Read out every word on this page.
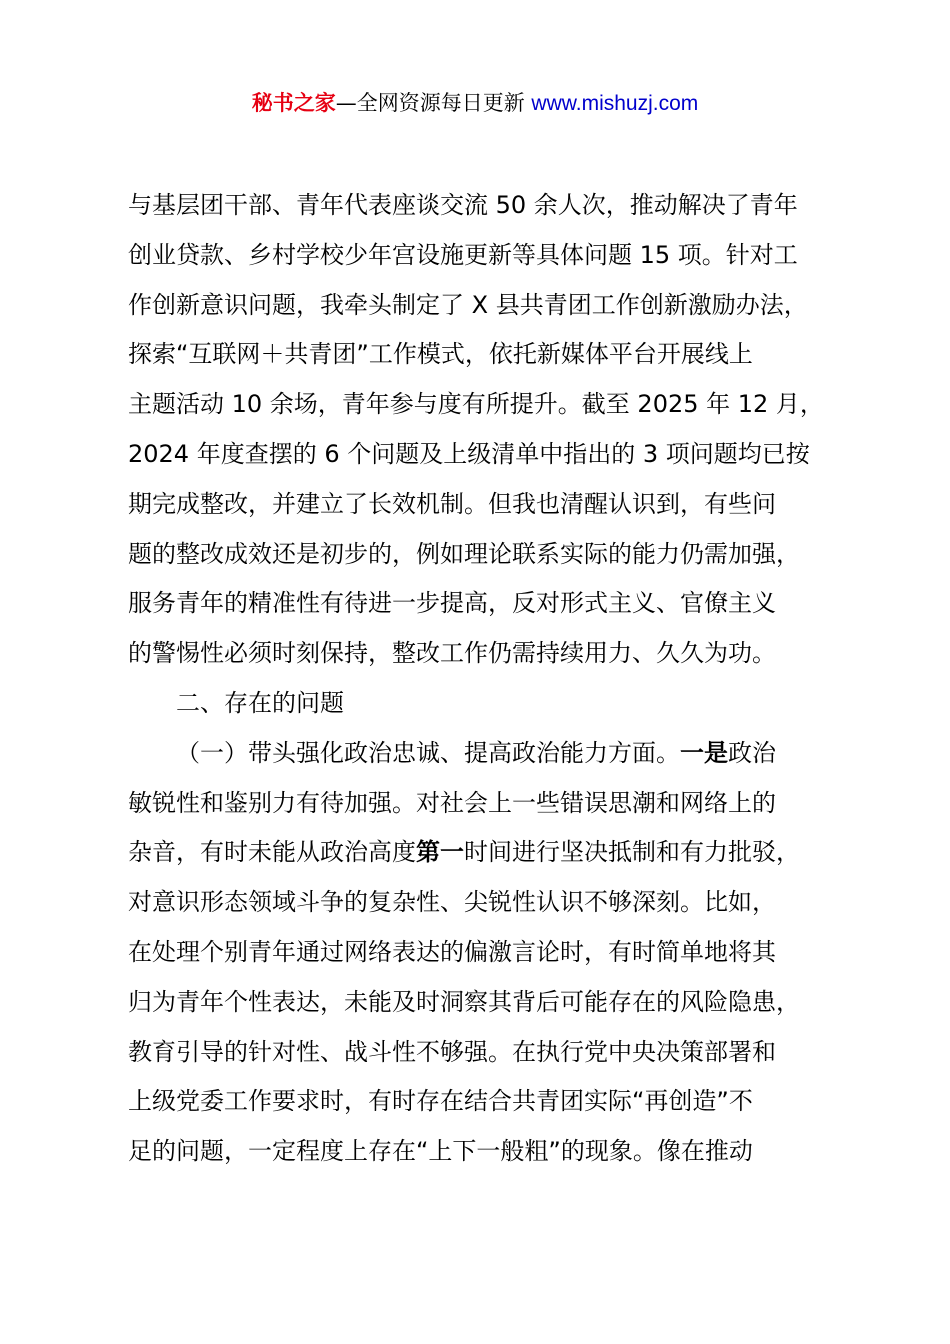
秘书之家—全网资源每日更新 www.mishuzj.com
与基层团干部、青年代表座谈交流 50 余人次，推动解决了青年
创业贷款、乡村学校少年宫设施更新等具体问题 15 项。针对工
作创新意识问题，我牵头制定了 X 县共青团工作创新激励办法，
探索“互联网＋共青团”工作模式，依托新媒体平台开展线上
主题活动 10 余场，青年参与度有所提升。截至 2025 年 12 月，
2024 年度查摆的 6 个问题及上级清单中指出的 3 项问题均已按
期完成整改，并建立了长效机制。但我也清醒认识到，有些问
题的整改成效还是初步的，例如理论联系实际的能力仍需加强，
服务青年的精准性有待进一步提高，反对形式主义、官僚主义
的警惕性必须时刻保持，整改工作仍需持续用力、久久为功。
二、存在的问题
（一）带头强化政治忠诚、提高政治能力方面。一是政治
敏锐性和鉴别力有待加强。对社会上一些错误思潮和网络上的
杂音，有时未能从政治高度第一时间进行坚决抵制和有力批驳，
对意识形态领域斗争的复杂性、尖锐性认识不够深刻。比如，
在处理个别青年通过网络表达的偏激言论时，有时简单地将其
归为青年个性表达，未能及时洞察其背后可能存在的风险隐患，
教育引导的针对性、战斗性不够强。在执行党中央决策部署和
上级党委工作要求时，有时存在结合共青团实际“再创造”不
足的问题，一定程度上存在“上下一般粗”的现象。像在推动
